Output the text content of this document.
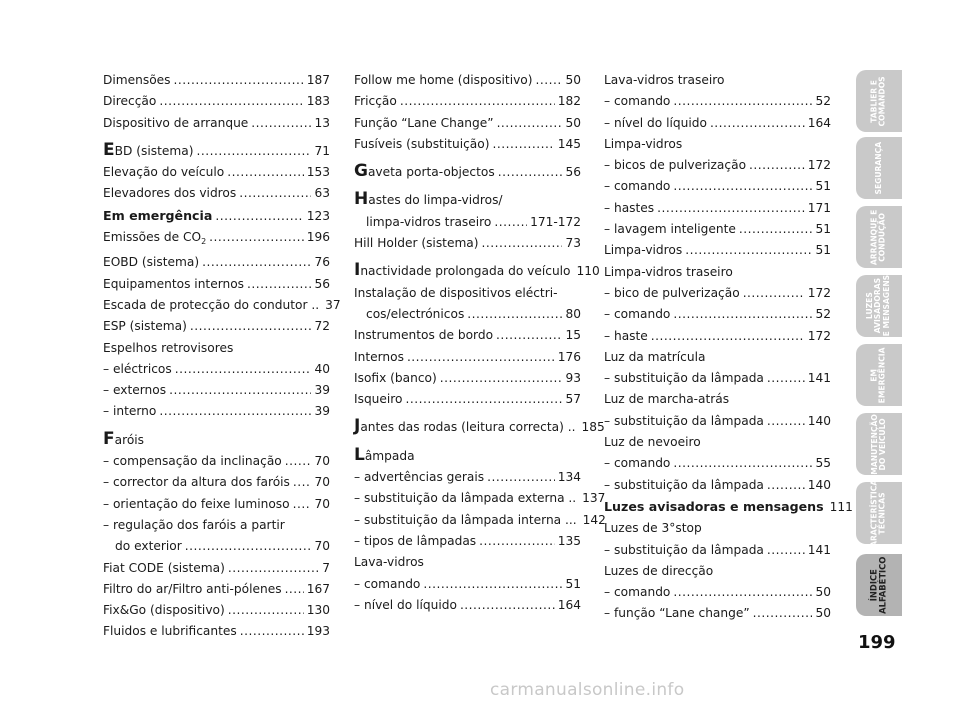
Dimensões .....	187
Direcção .....	183
Dispositivo de arranque .....	13
EBD (sistema) .....	71
Elevação do veículo .....	153
Elevadores dos vidros .....	63
Em emergência .....	123
Emissões de $CO_2$ .....	196
EOBD (sistema) .....	76
Equipamentos internos .....	56
Escada de protecção do condutor .. 37
ESP (sistema) .....	72
Espelhos retrovisores
– eléctricos .....	40
– externos .....	39
– interno .....	39
Faróis
– compensação da inclinação .....	70
– corrector da altura dos faróis ..... 70
– orientação do feixe luminoso ..... 70
– regulação dos faróis a partir
do exterior .....	70
Fiat CODE (sistema) .....	7
Filtro do ar/Filtro anti-pólenes ..... 167
Fix&Go (dispositivo) .....	130
Fluidos e lubrificantes .....	193
Follow me home (dispositivo) .....	50
Fricção .....	182
Função “Lane Change” .....	50
Fusíveis (substituição) .....	145
Gaveta porta-objectos .....	56
Hastes do limpa-vidros/
limpa-vidros traseiro .....	171-172
Hill Holder (sistema) .....	73
Inactividade prolongada do veículo 110
Instalação de dispositivos eléctri-
cos/electrónicos .....	80
Instrumentos de bordo .....	15
Internos .....	176
Isofix (banco) .....	93
Isqueiro .....	57
Jantes das rodas (leitura correcta) .. 185
Lâmpada
– advertências gerais .....	134
– substituição da lâmpada externa .. 137
– substituição da lâmpada interna ... 142
– tipos de lâmpadas .....	135
Lava-vidros
– comando .....	51
– nível do líquido .....	164
Lava-vidros traseiro
– comando .....	52
– nível do líquido .....	164
Limpa-vidros
– bicos de pulverização .....	172
– comando .....	51
– hastes .....	171
– lavagem inteligente .....	51
Limpa-vidros .....	51
Limpa-vidros traseiro
– bico de pulverização .....	172
– comando .....	52
– haste .....	172
Luz da matrícula
– substituição da lâmpada .....	141
Luz de marcha-atrás
– substituição da lâmpada .....	140
Luz de nevoeiro
– comando .....	55
– substituição da lâmpada .....	140
Luzes avisadoras e mensagens 111
Luzes de 3°stop
– substituição da lâmpada .....	141
Luzes de direcção
– comando .....	50
– função “Lane change” .....	50
TABLIER E COMANDOS
SEGURANÇA
ARRANQUE E CONDUÇÃO
LUZES AVISADORAS E MENSAGENS
EM EMERGÊNCIA
MANUTENÇÃO DO VEÍCULO
CARACTERÍSTICAS TÉCNICAS
ÍNDICE ALFABÉTICO
199
carmanualsonline.info
